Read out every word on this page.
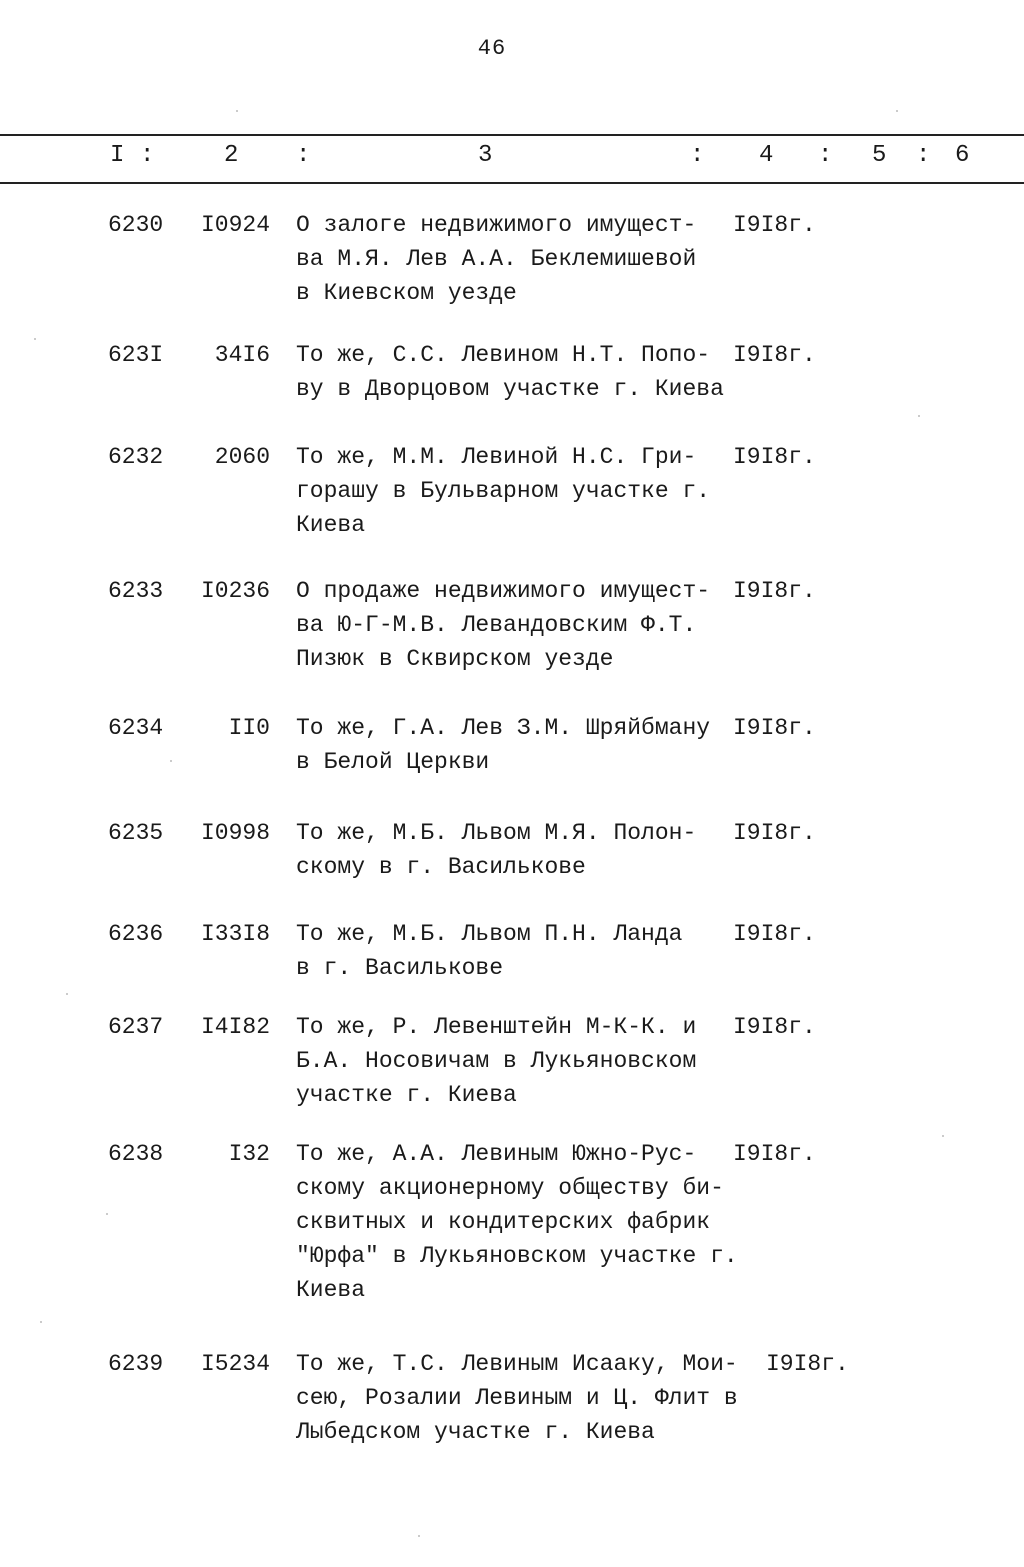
46
I :	2 :	3	: 4 : 5 : 6
6230	I0924 О залоге недвижимого имущест-
ва М.Я. Лев А.А. Беклемишевой
в Киевском уезде
I9I8г.
623I	34I6 То же, С.С. Левином Н.Т. Попо-
ву в Дворцовом участке г. Киева
I9I8г.
6232	2060 То же, М.М. Левиной Н.С. Гри-
горашу в Бульварном участке г.
Киева
I9I8г.
6233	I0236 О продаже недвижимого имущест-
ва Ю-Г-М.В. Левандовским Ф.Т.
Пизюк в Сквирском уезде
I9I8г.
6234	II0 То же, Г.А. Лев З.М. Шряйбману
в Белой Церкви
I9I8г.
6235	I0998 То же, М.Б. Львом М.Я. Полон-
скому в г. Василькове
I9I8г.
6236	I33I8 То же, М.Б. Львом П.Н. Ланда
в г. Василькове
I9I8г.
6237	I4I82 То же, Р. Левенштейн М-К-К. и
Б.А. Носовичам в Лукьяновском
участке г. Киева
I9I8г.
6238	I32 То же, А.А. Левиным Южно-Рус-
скому акционерному обществу би-
сквитных и кондитерских фабрик
"Юрфа" в Лукьяновском участке г.
Киева
I9I8г.
6239	I5234 То же, Т.С. Левиным Исааку, Мои-
сею, Розалии Левиным и Ц. Флит в
Лыбедском участке г. Киева
I9I8г.
